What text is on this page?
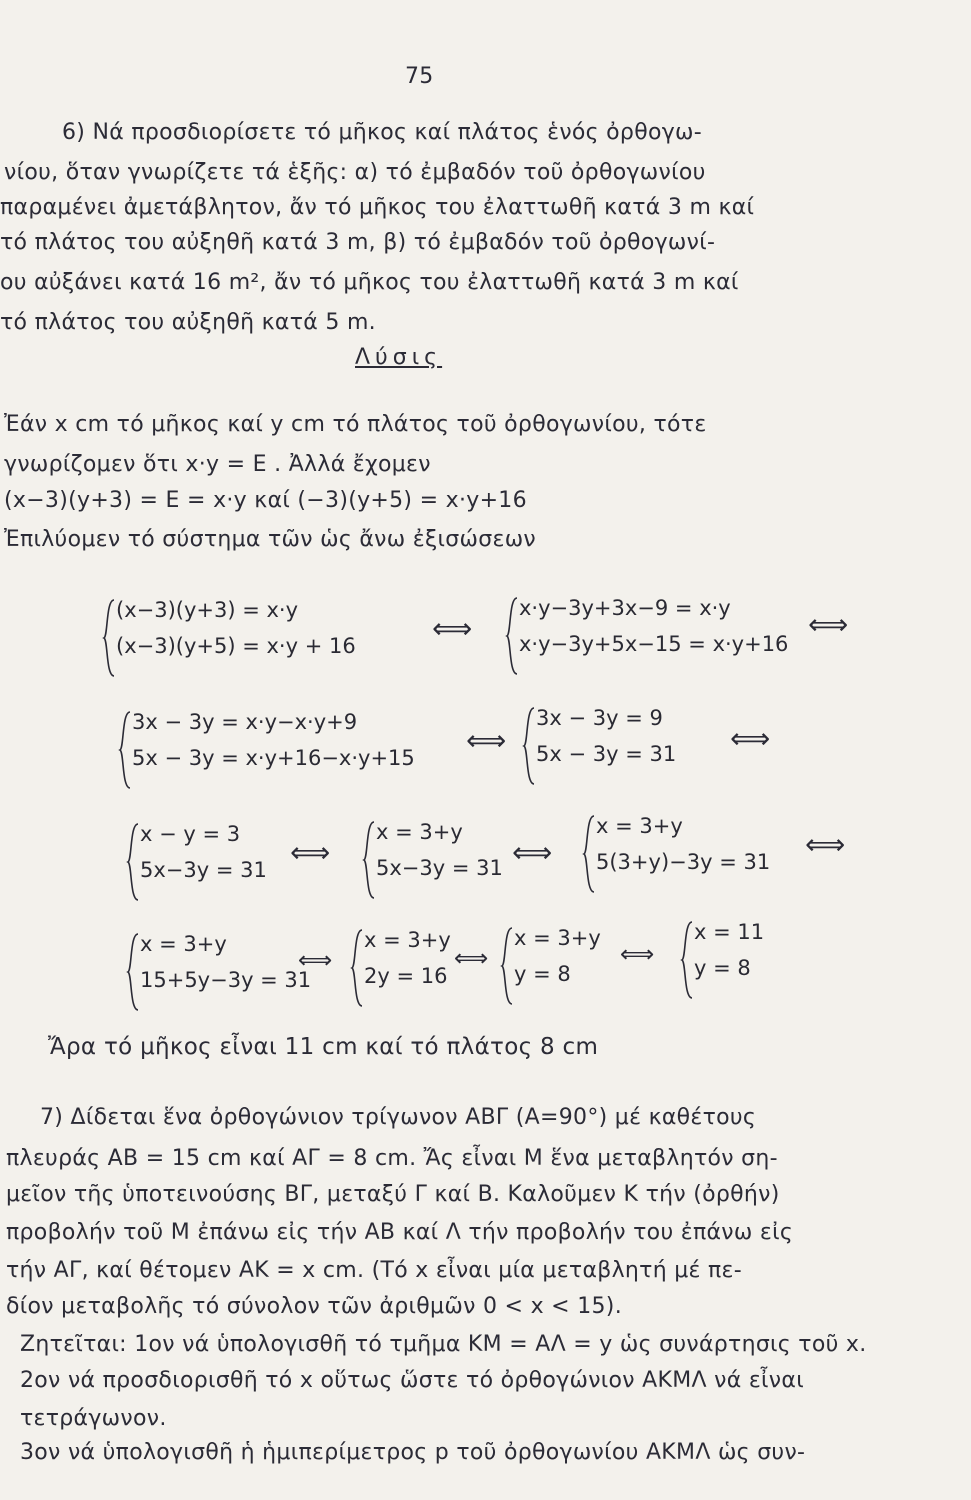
75
6) Νά προσδιορίσετε τό μῆκος καί πλάτος ἑνός ὀρθογω-
νίου, ὅταν γνωρίζετε τά ἑξῆς: α) τό ἐμβαδόν τοῦ ὀρθογωνίου
παραμένει ἀμετάβλητον, ἄν τό μῆκος του ἐλαττωθῆ κατά 3 m καί
τό πλάτος του αὐξηθῆ κατά 3 m, β) τό ἐμβαδόν τοῦ ὀρθογωνί-
ου αὐξάνει κατά 16 m², ἄν τό μῆκος του ἐλαττωθῆ κατά 3 m καί
τό πλάτος του αὐξηθῆ κατά 5 m.
Λύσις
Ἐάν x cm τό μῆκος καί y cm τό πλάτος τοῦ ὀρθογωνίου, τότε
γνωρίζομεν ὅτι x·y = E . Ἀλλά ἔχομεν
(x−3)(y+3) = E = x·y καί (−3)(y+5) = x·y+16
Ἐπιλύομεν τό σύστημα τῶν ὡς ἄνω ἐξισώσεων
(x−3)(y+3) = x·y
(x−3)(y+5) = x·y + 16
⟺
x·y−3y+3x−9 = x·y
x·y−3y+5x−15 = x·y+16
⟺
3x − 3y = x·y−x·y+9
5x − 3y = x·y+16−x·y+15
⟺
3x − 3y = 9
5x − 3y = 31 ⟺
x − y = 3
5x−3y = 31
⟺
x = 3+y
5x−3y = 31 ⟺
x = 3+y
5(3+y)−3y = 31
⟺
x = 3+y
15+5y−3y = 31
⟺
x = 3+y
2y = 16
⟺
x = 3+y
y = 8
⟺
x = 11
y = 8
Ἄρα τό μῆκος εἶναι 11 cm καί τό πλάτος 8 cm
7) Δίδεται ἕνα ὀρθογώνιον τρίγωνον ΑΒΓ (Α=90°) μέ καθέτους
πλευράς AB = 15 cm καί ΑΓ = 8 cm. Ἄς εἶναι Μ ἕνα μεταβλητόν ση-
μεῖον τῆς ὑποτεινούσης ΒΓ, μεταξύ Γ καί Β. Καλοῦμεν Κ τήν (ὀρθήν)
προβολήν τοῦ Μ ἐπάνω εἰς τήν ΑΒ καί Λ τήν προβολήν του ἐπάνω εἰς
τήν ΑΓ, καί θέτομεν ΑΚ = x cm. (Τό x εἶναι μία μεταβλητή μέ πε-
δίον μεταβολῆς τό σύνολον τῶν ἀριθμῶν 0 < x < 15).
Ζητεῖται: 1ον νά ὑπολογισθῆ τό τμῆμα ΚΜ = ΑΛ = y ὡς συνάρτησις τοῦ x.
2ον νά προσδιορισθῆ τό x οὕτως ὥστε τό ὀρθογώνιον ΑΚΜΛ νά εἶναι
τετράγωνον.
3ον νά ὑπολογισθῆ ἡ ἡμιπερίμετρος p τοῦ ὀρθογωνίου ΑΚΜΛ ὡς συν-
